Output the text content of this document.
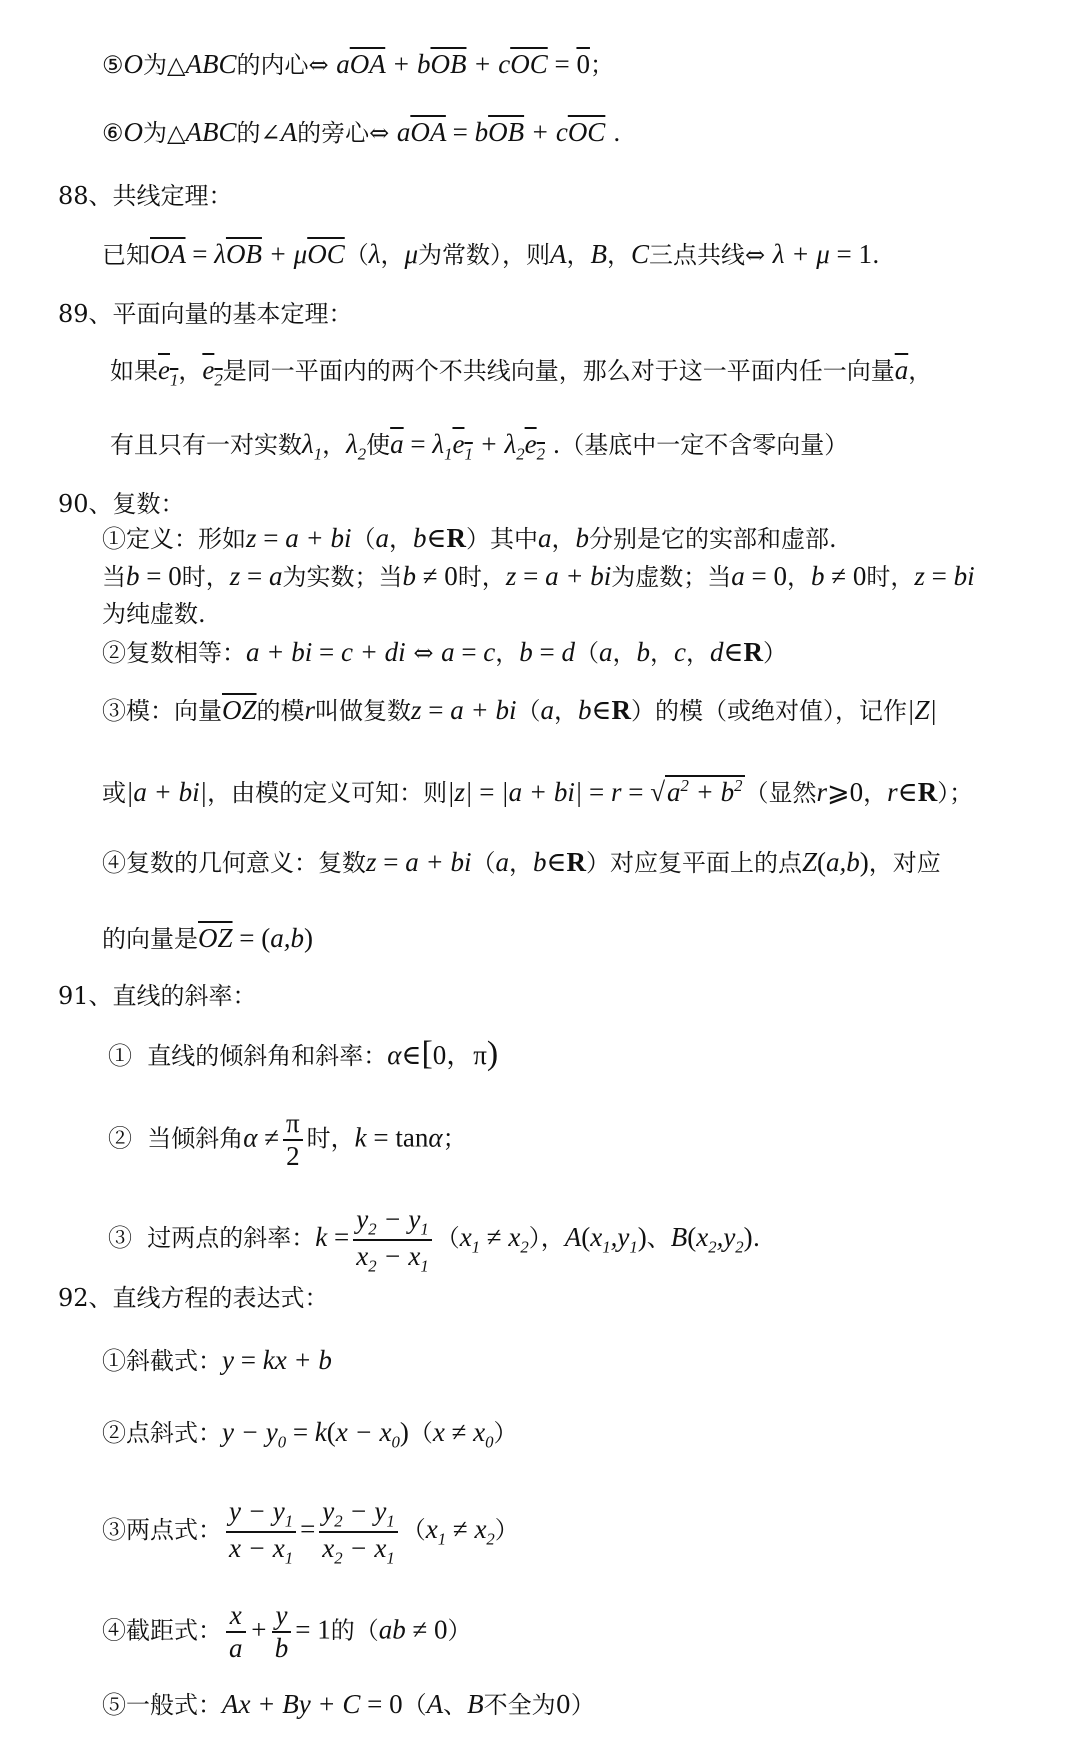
⑤O为△ABC的内心⇔ $a\overline{OA} + b\overline{OB} + c\overline{OC} = 0$；
⑥O为△ABC的∠A的旁心⇔ $a\overline{OA} = b\overline{OB} + c\overline{OC}$ .
88、共线定理：
已知$\overline{OA} = \lambda\overline{OB} + \mu\overline{OC}(\lambda$，μ为常数），则A，B，C三点共线⇔ λ + μ = 1.
89、平面向量的基本定理：
如果$e_1$，$e_2$是同一平面内的两个不共线向量，那么对于这一平面内任一向量$\overline{a}$，
有且只有一对实数$\lambda_1$，$\lambda_2$使$\overline{a} = \lambda_1e_1 + \lambda_2e_2$ .（基底中一定不含零向量）
90、复数：
①定义：形如z = a + bi（a，b∈R）其中a，b分别是它的实部和虚部.
当b = 0时，z = a为实数；当b ≠ 0时，z = a + bi为虚数；当a = 0，b ≠ 0时，z = bi
为纯虚数.
②复数相等：a + bi = c + di ⇔ a = c，b = d（a，b，c，d∈R）
③模：向量$\overline{OZ}$的模r叫做复数z = a + bi（a，b∈R）的模（或绝对值），记作|Z|
或|a + bi|，由模的定义可知：则$|z| = |a + bi| = r = √a^2 + b^2$（显然r⩾0，r∈R）；
④复数的几何意义：复数z = a + bi（a，b∈R）对应复平面上的点Z(a,b)，对应
的向量是$\overline{OZ} = (a,b)$
91、直线的斜率：
①  直线的倾斜角和斜率：α∈[0，π)
②  当倾斜角$\alpha \ne \frac{\pi}{2}$ 时，k = tanα；
③  过两点的斜率：$k = \frac{y_2 - y_1}{x_2 - x_1} (x_1 \ne x_2)$，$A(x_1,y_1)$、$B(x_2,y_2)$.
92、直线方程的表达式：
①斜截式：y = kx + b
②点斜式：$y - y_0 = k(x - x_0)(x \ne x_0)$
③两点式： $\frac{y - y_1}{x - x_1} = \frac{y_2 - y_1}{x_2 - x_1} (x_1 \ne x_2)$
④截距式： $\frac{x}{a} + \frac{y}{b} = 1$的（ab ≠ 0）
⑤一般式：Ax + By + C = 0（A、B不全为0）
